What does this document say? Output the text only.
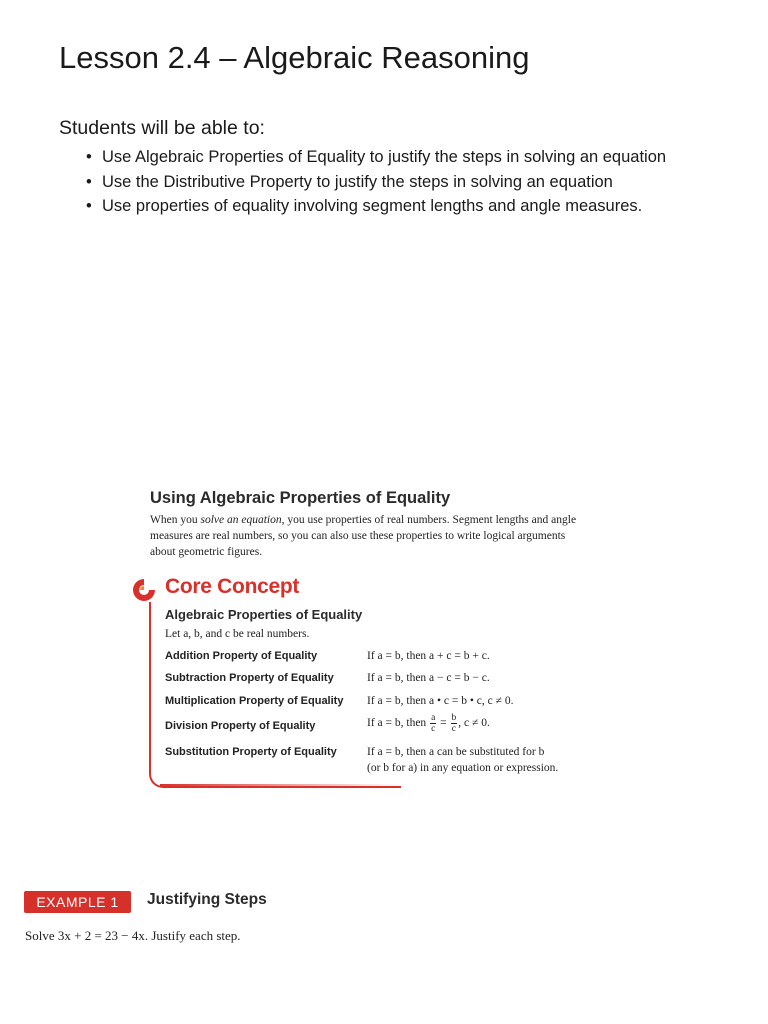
Lesson 2.4 – Algebraic Reasoning
Students will be able to:
• Use Algebraic Properties of Equality to justify the steps in solving an equation
• Use the Distributive Property to justify the steps in solving an equation
• Use properties of equality involving segment lengths and angle measures.
Using Algebraic Properties of Equality
When you solve an equation, you use properties of real numbers. Segment lengths and angle measures are real numbers, so you can also use these properties to write logical arguments about geometric figures.
Core Concept
Algebraic Properties of Equality
Let a, b, and c be real numbers.
Addition Property of Equality	If a = b, then a + c = b + c.
Subtraction Property of Equality	If a = b, then a − c = b − c.
Multiplication Property of Equality If a = b, then a • c = b • c, c ≠ 0.
Division Property of Equality	If a = b, then $\frac{a}{c} = \frac{b}{c}$ , c ≠ 0.
Substitution Property of Equality	If a = b, then a can be substituted for b
(or b for a) in any equation or expression.
EXAMPLE 1	Justifying Steps
Solve 3x + 2 = 23 − 4x. Justify each step.
